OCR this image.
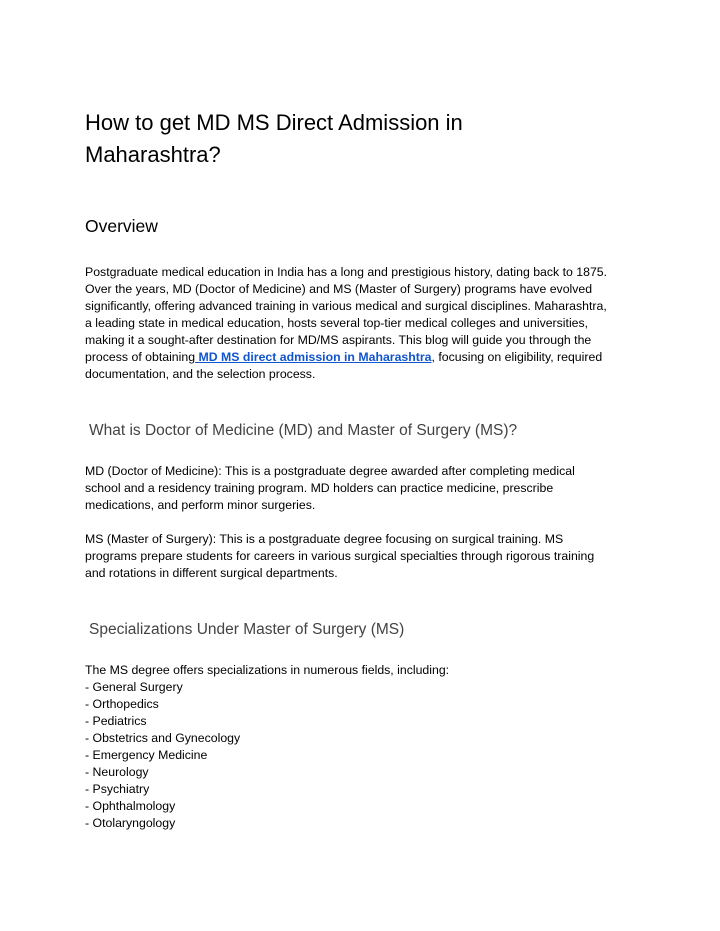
How to get MD MS Direct Admission in
Maharashtra?
Overview

Postgraduate medical education in India has a long and prestigious history, dating back to 1875.
Over the years, MD (Doctor of Medicine) and MS (Master of Surgery) programs have evolved
significantly, offering advanced training in various medical and surgical disciplines. Maharashtra,
a leading state in medical education, hosts several top-tier medical colleges and universities,
making it a sought-after destination for MD/MS aspirants. This blog will guide you through the
process of obtaining MD MS direct admission in Maharashtra, focusing on eligibility, required
documentation, and the selection process.

What is Doctor of Medicine (MD) and Master of Surgery (MS)?

MD (Doctor of Medicine): This is a postgraduate degree awarded after completing medical
school and a residency training program. MD holders can practice medicine, prescribe
medications, and perform minor surgeries.

MS (Master of Surgery): This is a postgraduate degree focusing on surgical training. MS
programs prepare students for careers in various surgical specialties through rigorous training
and rotations in different surgical departments.

Specializations Under Master of Surgery (MS)
The MS degree offers specializations in numerous fields, including:
- General Surgery
- Orthopedics
- Pediatrics
- Obstetrics and Gynecology
- Emergency Medicine
- Neurology
- Psychiatry
- Ophthalmology
- Otolaryngology
